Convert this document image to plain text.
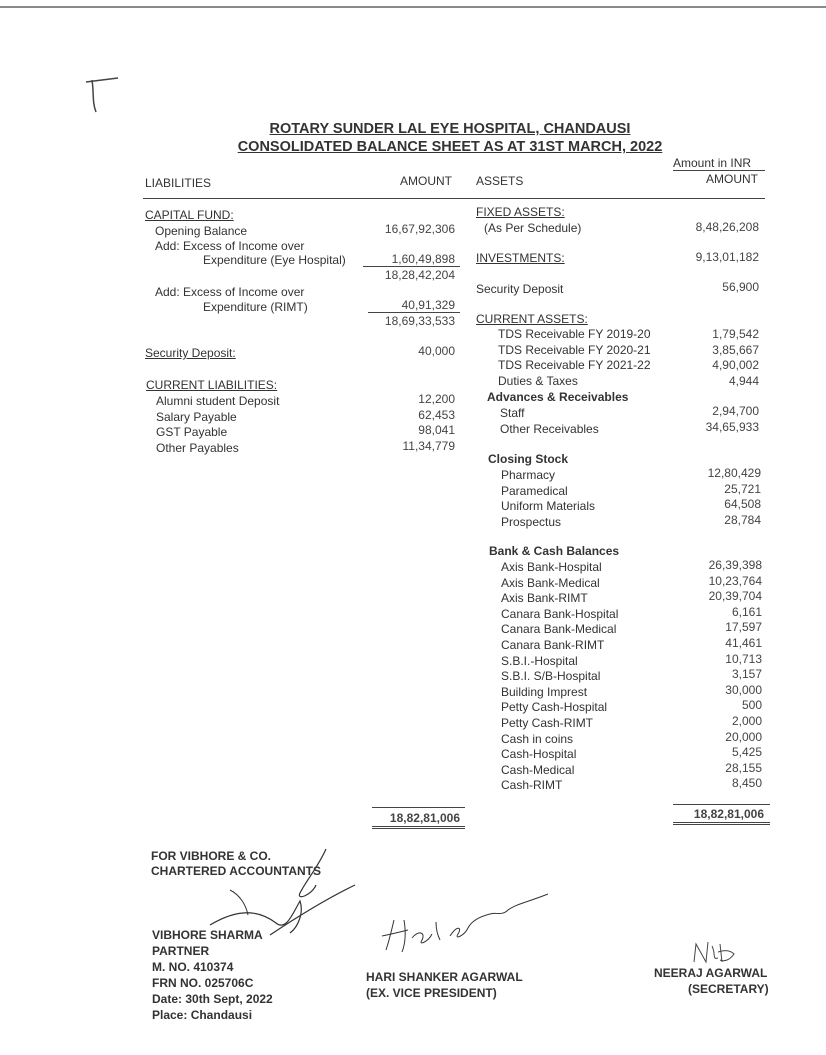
ROTARY SUNDER LAL EYE HOSPITAL, CHANDAUSI
CONSOLIDATED BALANCE SHEET AS AT 31ST MARCH, 2022
Amount in INR
LIABILITIES	AMOUNT ASSETS	AMOUNT
CAPITAL FUND:
Opening Balance	16,67,92,306
Add: Excess of Income over
Expenditure (Eye Hospital)	1,60,49,898
18,28,42,204
Add: Excess of Income over
Expenditure (RIMT)	40,91,329
18,69,33,533
Security Deposit:	40,000
CURRENT LIABILITIES:
Alumni student Deposit	12,200
Salary Payable	62,453
GST Payable	98,041
Other Payables	11,34,779
18,82,81,006
FIXED ASSETS:
(As Per Schedule)	8,48,26,208
INVESTMENTS:	9,13,01,182
Security Deposit	56,900
CURRENT ASSETS:
TDS Receivable FY 2019-20	1,79,542
TDS Receivable FY 2020-21	3,85,667
TDS Receivable FY 2021-22	4,90,002
Duties & Taxes	4,944
Advances & Receivables
Staff	2,94,700
Other Receivables	34,65,933
Closing Stock
Pharmacy	12,80,429
Paramedical	25,721
Uniform Materials	64,508
Prospectus	28,784
Bank & Cash Balances
Axis Bank-Hospital	26,39,398
Axis Bank-Medical	10,23,764
Axis Bank-RIMT	20,39,704
Canara Bank-Hospital	6,161
Canara Bank-Medical	17,597
Canara Bank-RIMT	41,461
S.B.I.-Hospital	10,713
S.B.I. S/B-Hospital	3,157
Building Imprest	30,000
Petty Cash-Hospital	500
Petty Cash-RIMT	2,000
Cash in coins	20,000
Cash-Hospital	5,425
Cash-Medical	28,155
Cash-RIMT	8,450
18,82,81,006
FOR VIBHORE & CO.
CHARTERED ACCOUNTANTS
VIBHORE SHARMA
PARTNER
M. NO. 410374
FRN NO. 025706C
Date: 30th Sept, 2022
Place: Chandausi
HARI SHANKER AGARWAL
(EX. VICE PRESIDENT)
NEERAJ AGARWAL
(SECRETARY)
